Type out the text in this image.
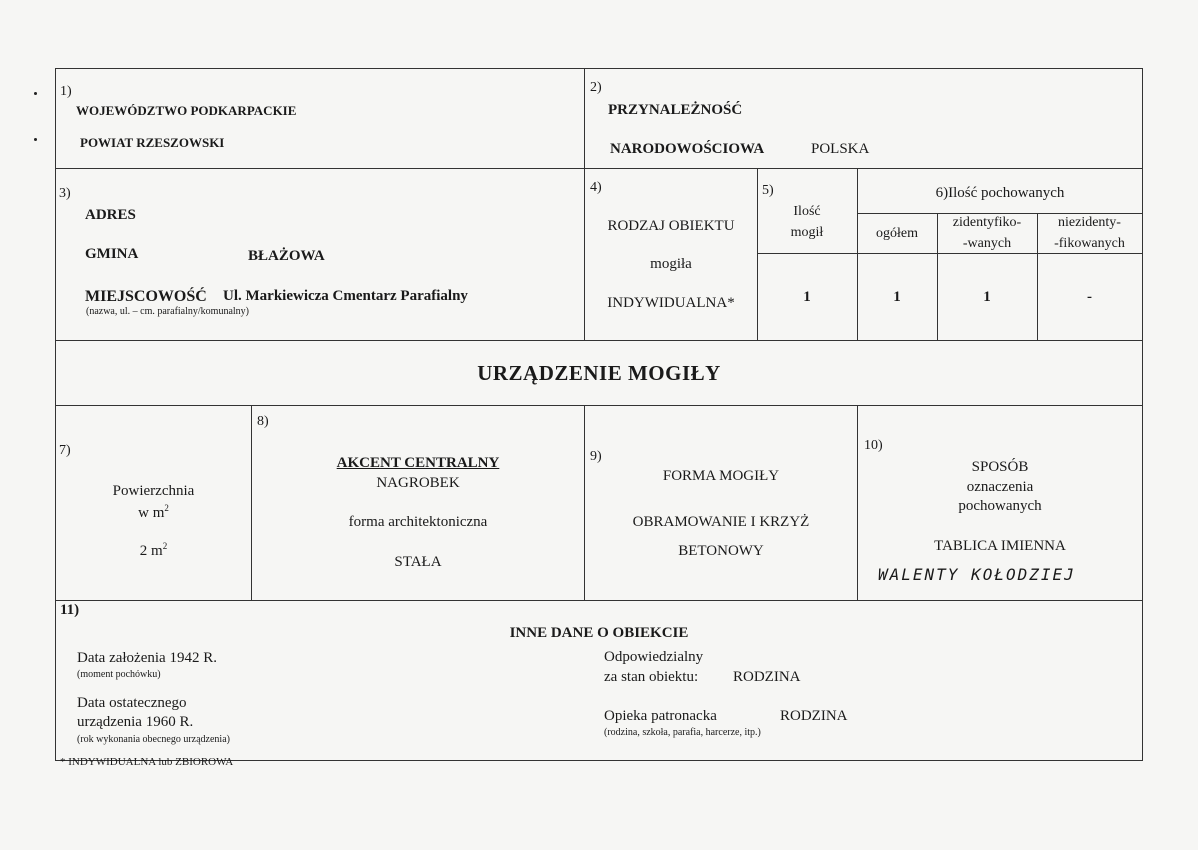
1)
WOJEWÓDZTWO PODKARPACKIE
POWIAT RZESZOWSKI
2)
PRZYNALEŻNOŚĆ
NARODOWOŚCIOWA	POLSKA
3)
ADRES
GMINA	BŁAŻOWA
MIEJSCOWOŚĆ Ul. Markiewicza Cmentarz Parafialny
(nazwa, ul. – cm. parafialny/komunalny)
4)
RODZAJ OBIEKTU
mogiła
INDYWIDUALNA*
5)
Ilość
mogił
1
6)Ilość pochowanych
ogółem
zidentyfiko-
-wanych
niezidenty-
-fikowanych
1	1	-
URZĄDZENIE MOGIŁY
7)
Powierzchnia
w $m^2$
2 $m^2$
8)
AKCENT CENTRALNY
NAGROBEK
forma architektoniczna
STAŁA
9)
FORMA MOGIŁY
OBRAMOWANIE I KRZYŻ
BETONOWY
10)
SPOSÓB
oznaczenia
pochowanych
TABLICA IMIENNA
WALENTY KOŁODZIEJ
11)
INNE DANE O OBIEKCIE
Data założenia 1942 R.
(moment pochówku)
Data ostatecznego
urządzenia 1960 R.
(rok wykonania obecnego urządzenia)
Odpowiedzialny
za stan obiektu: RODZINA
Opieka patronacka	RODZINA
(rodzina, szkoła, parafia, harcerze, itp.)
* INDYWIDUALNA lub ZBIOROWA
